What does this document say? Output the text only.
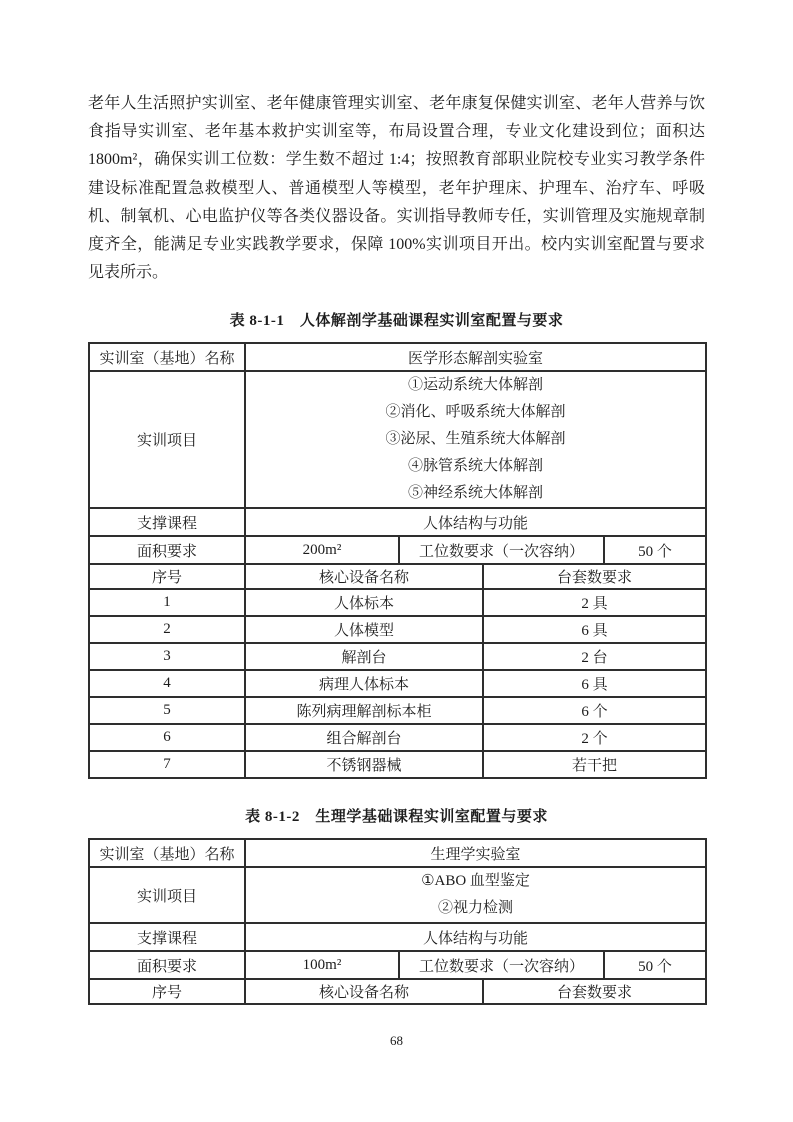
老年人生活照护实训室、老年健康管理实训室、老年康复保健实训室、老年人营养与饮食指导实训室、老年基本救护实训室等，布局设置合理，专业文化建设到位；面积达1800m²，确保实训工位数：学生数不超过 1:4；按照教育部职业院校专业实习教学条件建设标准配置急救模型人、普通模型人等模型，老年护理床、护理车、治疗车、呼吸机、制氧机、心电监护仪等各类仪器设备。实训指导教师专任，实训管理及实施规章制度齐全，能满足专业实践教学要求，保障 100%实训项目开出。校内实训室配置与要求见表所示。

表 8-1-1　人体解剖学基础课程实训室配置与要求
实训室（基地）名称	医学形态解剖实验室			
实训项目	①运动系统大体解剖
②消化、呼吸系统大体解剖
③泌尿、生殖系统大体解剖
④脉管系统大体解剖
⑤神经系统大体解剖			

支撑课程	人体结构与功能			
面积要求	200m²	工位数要求（一次容纳）		50 个
序号	核心设备名称		台套数要求	
1	人体标本		2 具	
2	人体模型		6 具	
3	解剖台		2 台	
4	病理人体标本		6 具	
5	陈列病理解剖标本柜		6 个	
6	组合解剖台		2 个	
7	不锈钢器械		若干把	
表 8-1-2　生理学基础课程实训室配置与要求
实训室（基地）名称	生理学实验室			
实训项目	①ABO 血型鉴定
②视力检测			

支撑课程	人体结构与功能			
面积要求	100m²	工位数要求（一次容纳）		50 个
序号	核心设备名称		台套数要求	
68
